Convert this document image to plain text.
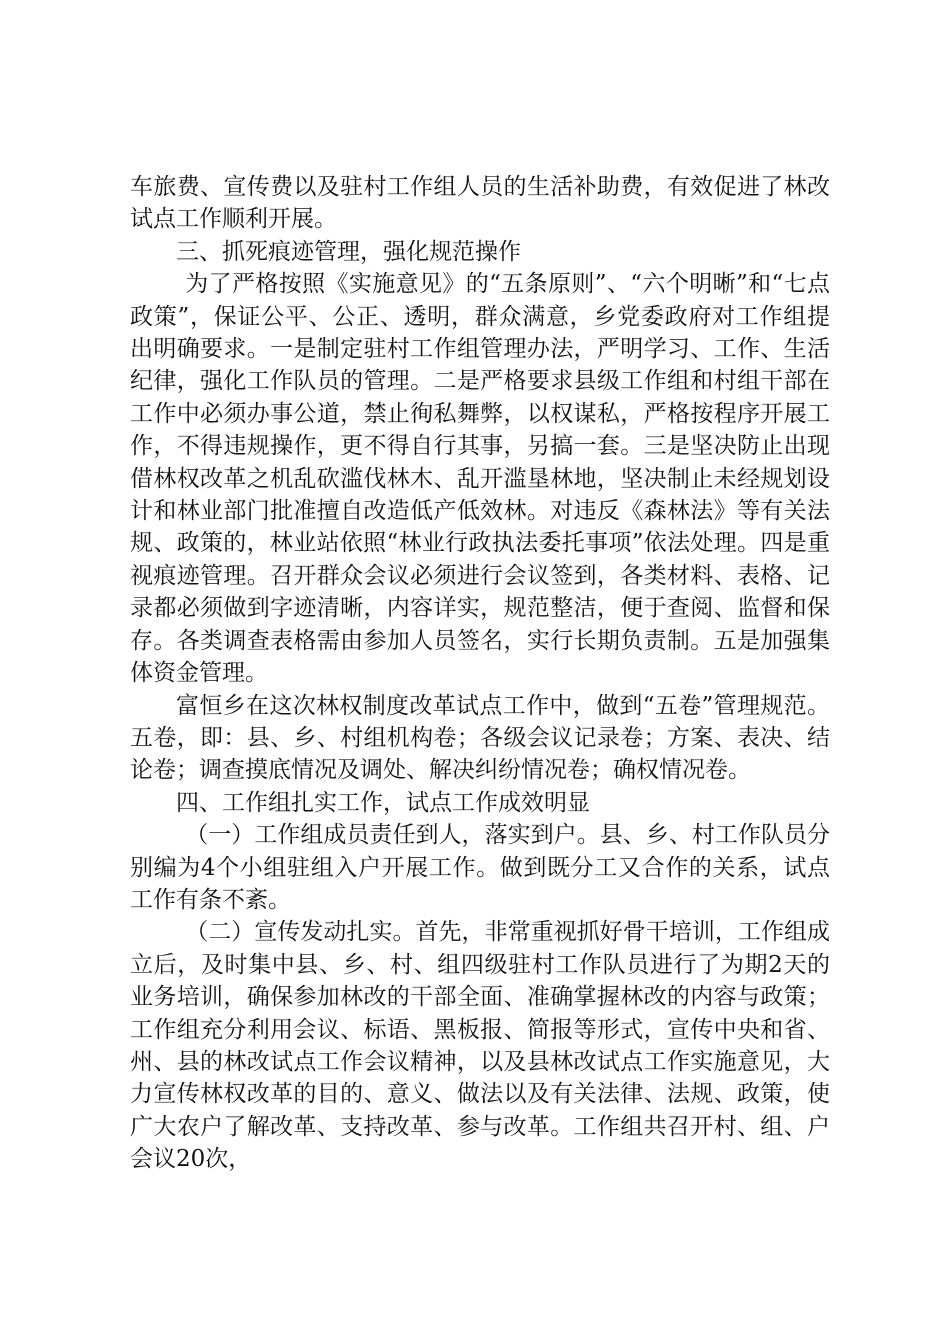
车旅费、宣传费以及驻村工作组人员的生活补助费，有效促进了林改试点工作顺利开展。

三、抓死痕迹管理，强化规范操作

为了严格按照《实施意见》的“五条原则”、“六个明晰”和“七点政策”，保证公平、公正、透明，群众满意，乡党委政府对工作组提出明确要求。一是制定驻村工作组管理办法，严明学习、工作、生活纪律，强化工作队员的管理。二是严格要求县级工作组和村组干部在工作中必须办事公道，禁止徇私舞弊，以权谋私，严格按程序开展工作，不得违规操作，更不得自行其事，另搞一套。三是坚决防止出现借林权改革之机乱砍滥伐林木、乱开滥垦林地，坚决制止未经规划设计和林业部门批准擅自改造低产低效林。对违反《森林法》等有关法规、政策的，林业站依照“林业行政执法委托事项”依法处理。四是重视痕迹管理。召开群众会议必须进行会议签到，各类材料、表格、记录都必须做到字迹清晰，内容详实，规范整洁，便于查阅、监督和保存。各类调查表格需由参加人员签名，实行长期负责制。五是加强集体资金管理。

富恒乡在这次林权制度改革试点工作中，做到“五卷”管理规范。五卷，即：县、乡、村组机构卷；各级会议记录卷；方案、表决、结论卷；调查摸底情况及调处、解决纠纷情况卷；确权情况卷。

四、工作组扎实工作，试点工作成效明显

（一）工作组成员责任到人，落实到户。县、乡、村工作队员分别编为4个小组驻组入户开展工作。做到既分工又合作的关系，试点工作有条不紊。

（二）宣传发动扎实。首先，非常重视抓好骨干培训，工作组成立后，及时集中县、乡、村、组四级驻村工作队员进行了为期2天的业务培训，确保参加林改的干部全面、准确掌握林改的内容与政策；工作组充分利用会议、标语、黑板报、简报等形式，宣传中央和省、州、县的林改试点工作会议精神，以及县林改试点工作实施意见，大力宣传林权改革的目的、意义、做法以及有关法律、法规、政策，使广大农户了解改革、支持改革、参与改革。工作组共召开村、组、户会议20次，
